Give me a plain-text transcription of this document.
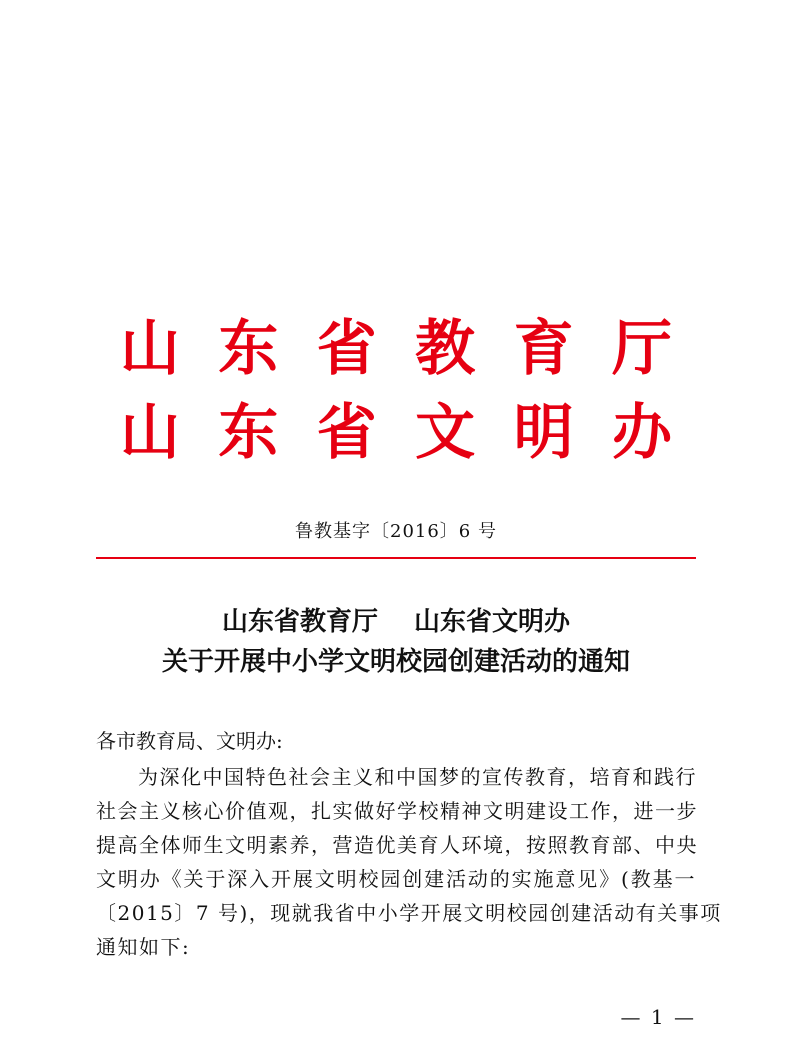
山 东 省 教 育 厅
山 东 省 文 明 办
鲁教基字〔2016〕6 号
山东省教育厅 山东省文明办
关于开展中小学文明校园创建活动的通知
各市教育局、文明办:
为深化中国特色社会主义和中国梦的宣传教育，培育和践行
社会主义核心价值观，扎实做好学校精神文明建设工作，进一步
提高全体师生文明素养，营造优美育人环境，按照教育部、中央
文明办《关于深入开展文明校园创建活动的实施意见》(教基一
〔2015〕7 号)，现就我省中小学开展文明校园创建活动有关事项
通知如下:
— 1 —
